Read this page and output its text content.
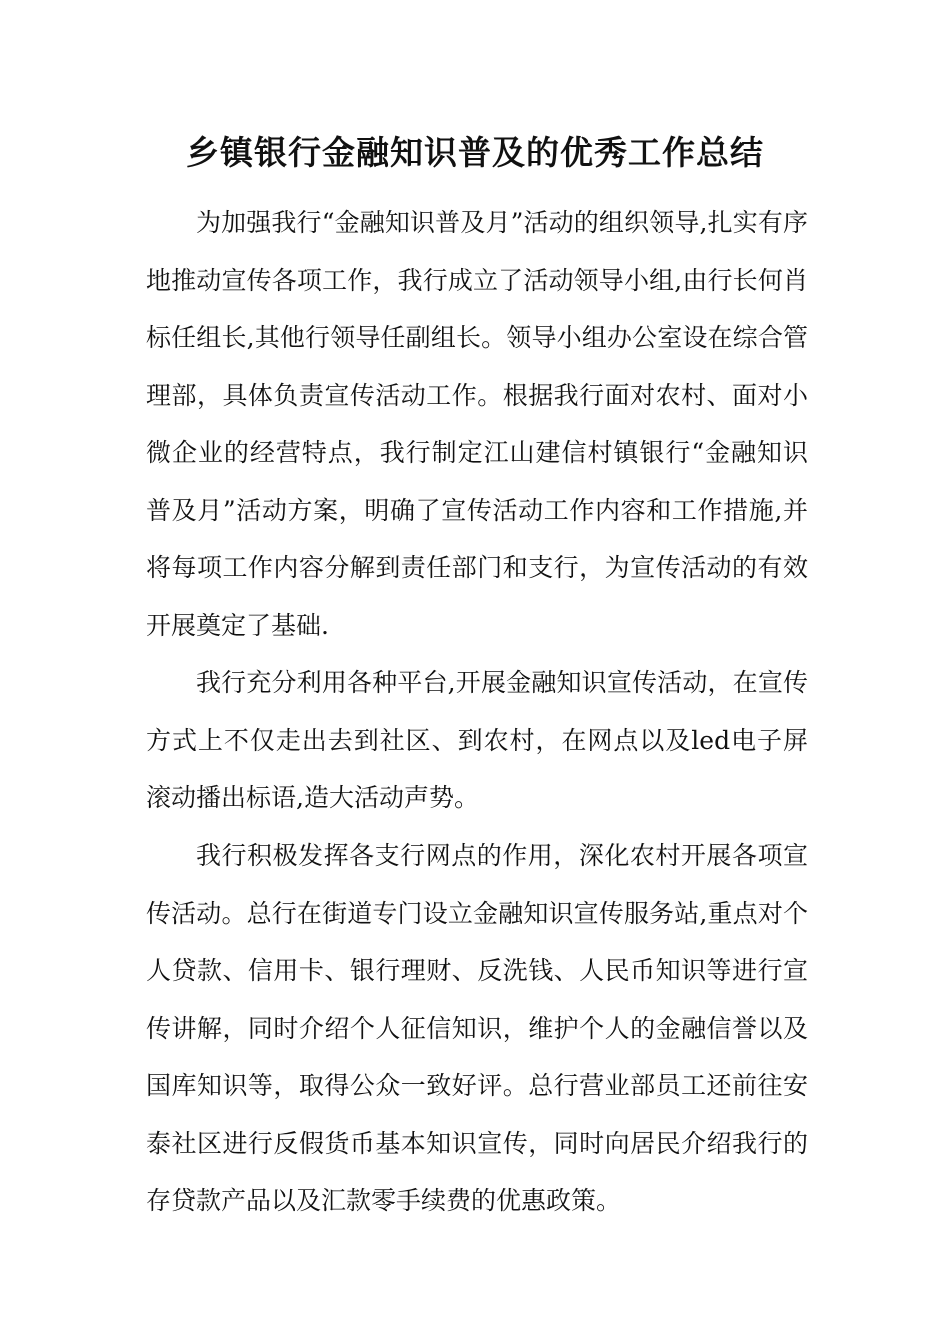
乡镇银行金融知识普及的优秀工作总结

为加强我行“金融知识普及月”活动的组织领导,扎实有序地推动宣传各项工作，我行成立了活动领导小组,由行长何肖标任组长,其他行领导任副组长。领导小组办公室设在综合管理部，具体负责宣传活动工作。根据我行面对农村、面对小微企业的经营特点，我行制定江山建信村镇银行“金融知识普及月”活动方案，明确了宣传活动工作内容和工作措施,并将每项工作内容分解到责任部门和支行，为宣传活动的有效开展奠定了基础.

我行充分利用各种平台,开展金融知识宣传活动，在宣传方式上不仅走出去到社区、到农村，在网点以及led电子屏滚动播出标语,造大活动声势。

我行积极发挥各支行网点的作用，深化农村开展各项宣传活动。总行在街道专门设立金融知识宣传服务站,重点对个人贷款、信用卡、银行理财、反洗钱、人民币知识等进行宣传讲解，同时介绍个人征信知识，维护个人的金融信誉以及国库知识等，取得公众一致好评。总行营业部员工还前往安泰社区进行反假货币基本知识宣传，同时向居民介绍我行的存贷款产品以及汇款零手续费的优惠政策。
